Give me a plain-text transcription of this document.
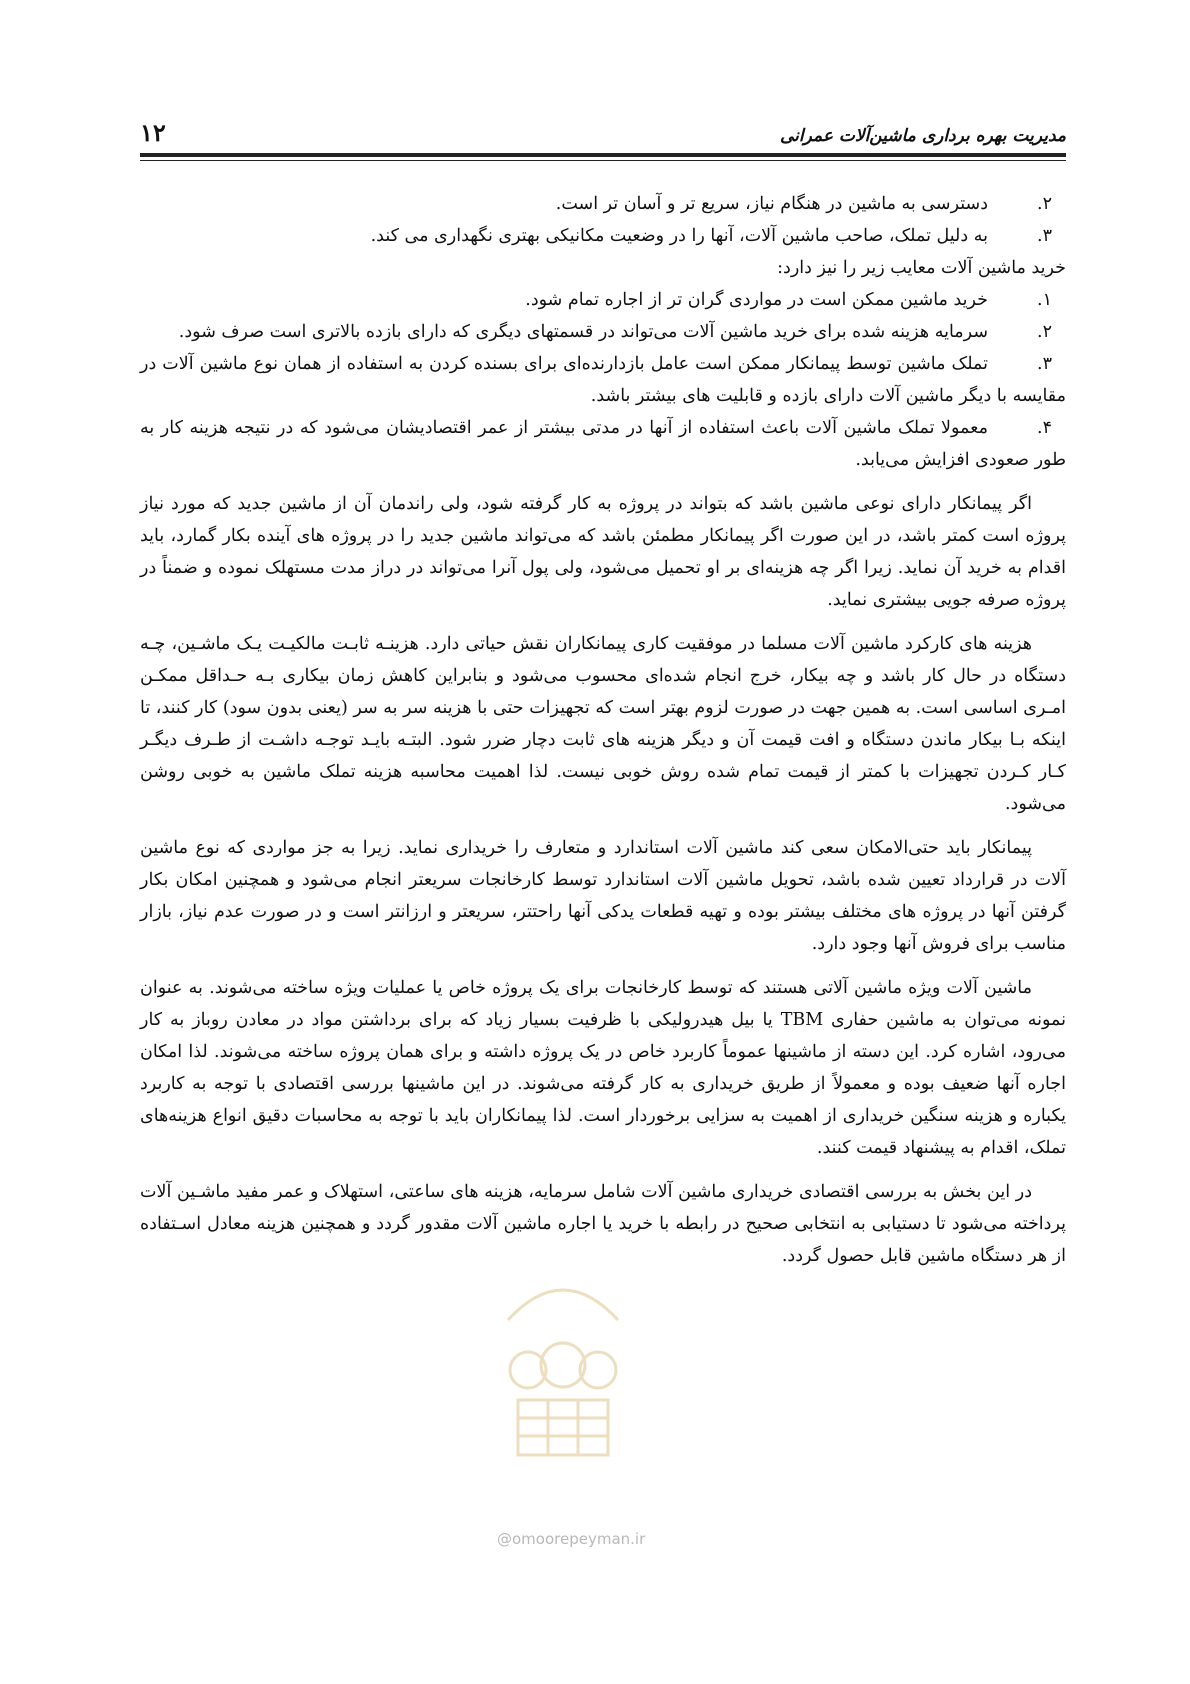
۱۲	مدیریت بهره برداری ماشین‌آلات عمرانی
۲.
دسترسی به ماشین در هنگام نیاز، سریع تر و آسان تر است.
۳.
به دلیل تملک، صاحب ماشین آلات، آنها را در وضعیت مکانیکی بهتری نگهداری می کند.

خرید ماشین آلات معایب زیر را نیز دارد:

۱.
خرید ماشین ممکن است در مواردی گران تر از اجاره تمام شود.
۲.
سرمایه هزینه شده برای خرید ماشین آلات می‌تواند در قسمتهای دیگری که دارای بازده بالاتری است صرف شود.
۳.
تملک ماشین توسط پیمانکار ممکن است عامل بازدارنده‌ای برای بسنده کردن به استفاده از همان نوع ماشین آلات در مقایسه با دیگر ماشین آلات دارای بازده و قابلیت های بیشتر باشد.
۴.
معمولا تملک ماشین آلات باعث استفاده از آنها در مدتی بیشتر از عمر اقتصادیشان می‌شود که در نتیجه هزینه کار به طور صعودی افزایش می‌یابد.

اگر پیمانکار دارای نوعی ماشین باشد که بتواند در پروژه به کار گرفته شود، ولی راندمان آن از ماشین جدید که مورد نیاز پروژه است کمتر باشد، در این صورت اگر پیمانکار مطمئن باشد که می‌تواند ماشین جدید را در پروژه های آینده بکار گمارد، باید اقدام به خرید آن نماید. زیرا اگر چه هزینه‌ای بر او تحمیل می‌شود، ولی پول آنرا می‌تواند در دراز مدت مستهلک نموده و ضمناً در پروژه صرفه جویی بیشتری نماید.

هزینه های کارکرد ماشین آلات مسلما در موفقیت کاری پیمانکاران نقش حیاتی دارد. هزینـه ثابـت مالکیـت یـک ماشـین، چـه دستگاه در حال کار باشد و چه بیکار، خرج انجام شده‌ای محسوب می‌شود و بنابراین کاهش زمان بیکاری بـه حـداقل ممکـن امـری اساسی است. به همین جهت در صورت لزوم بهتر است که تجهیزات حتی با هزینه سر به سر (یعنی بدون سود) کار کنند، تا اینکه بـا بیکار ماندن دستگاه و افت قیمت آن و دیگر هزینه های ثابت دچار ضرر شود. البتـه بایـد توجـه داشـت از طـرف دیگـر کـار کـردن تجهیزات با کمتر از قیمت تمام شده روش خوبی نیست. لذا اهمیت محاسبه هزینه تملک ماشین به خوبی روشن می‌شود.

پیمانکار باید حتی‌الامکان سعی کند ماشین آلات استاندارد و متعارف را خریداری نماید. زیرا به جز مواردی که نوع ماشین آلات در قرارداد تعیین شده باشد، تحویل ماشین آلات استاندارد توسط کارخانجات سریعتر انجام می‌شود و همچنین امکان بکار گرفتن آنها در پروژه های مختلف بیشتر بوده و تهیه قطعات یدکی آنها راحتتر، سریعتر و ارزانتر است و در صورت عدم نیاز، بازار مناسب برای فروش آنها وجود دارد.

ماشین آلات ویژه ماشین آلاتی هستند که توسط کارخانجات برای یک پروژه خاص یا عملیات ویژه ساخته می‌شوند. به عنوان نمونه می‌توان به ماشین حفاری TBM یا بیل هیدرولیکی با ظرفیت بسیار زیاد که برای برداشتن مواد در معادن روباز به کار می‌رود، اشاره کرد. این دسته از ماشینها عموماً کاربرد خاص در یک پروژه داشته و برای همان پروژه ساخته می‌شوند. لذا امکان اجاره آنها ضعیف بوده و معمولاً از طریق خریداری به کار گرفته می‌شوند. در این ماشینها بررسی اقتصادی با توجه به کاربرد یکباره و هزینه سنگین خریداری از اهمیت به سزایی برخوردار است. لذا پیمانکاران باید با توجه به محاسبات دقیق انواع هزینه‌های تملک، اقدام به پیشنهاد قیمت کنند.

در این بخش به بررسی اقتصادی خریداری ماشین آلات شامل سرمایه، هزینه های ساعتی، استهلاک و عمر مفید ماشـین آلات پرداخته می‌شود تا دستیابی به انتخابی صحیح در رابطه با خرید یا اجاره ماشین آلات مقدور گردد و همچنین هزینه معادل اسـتفاده از هر دستگاه ماشین قابل حصول گردد.

@omoorepeyman.ir
